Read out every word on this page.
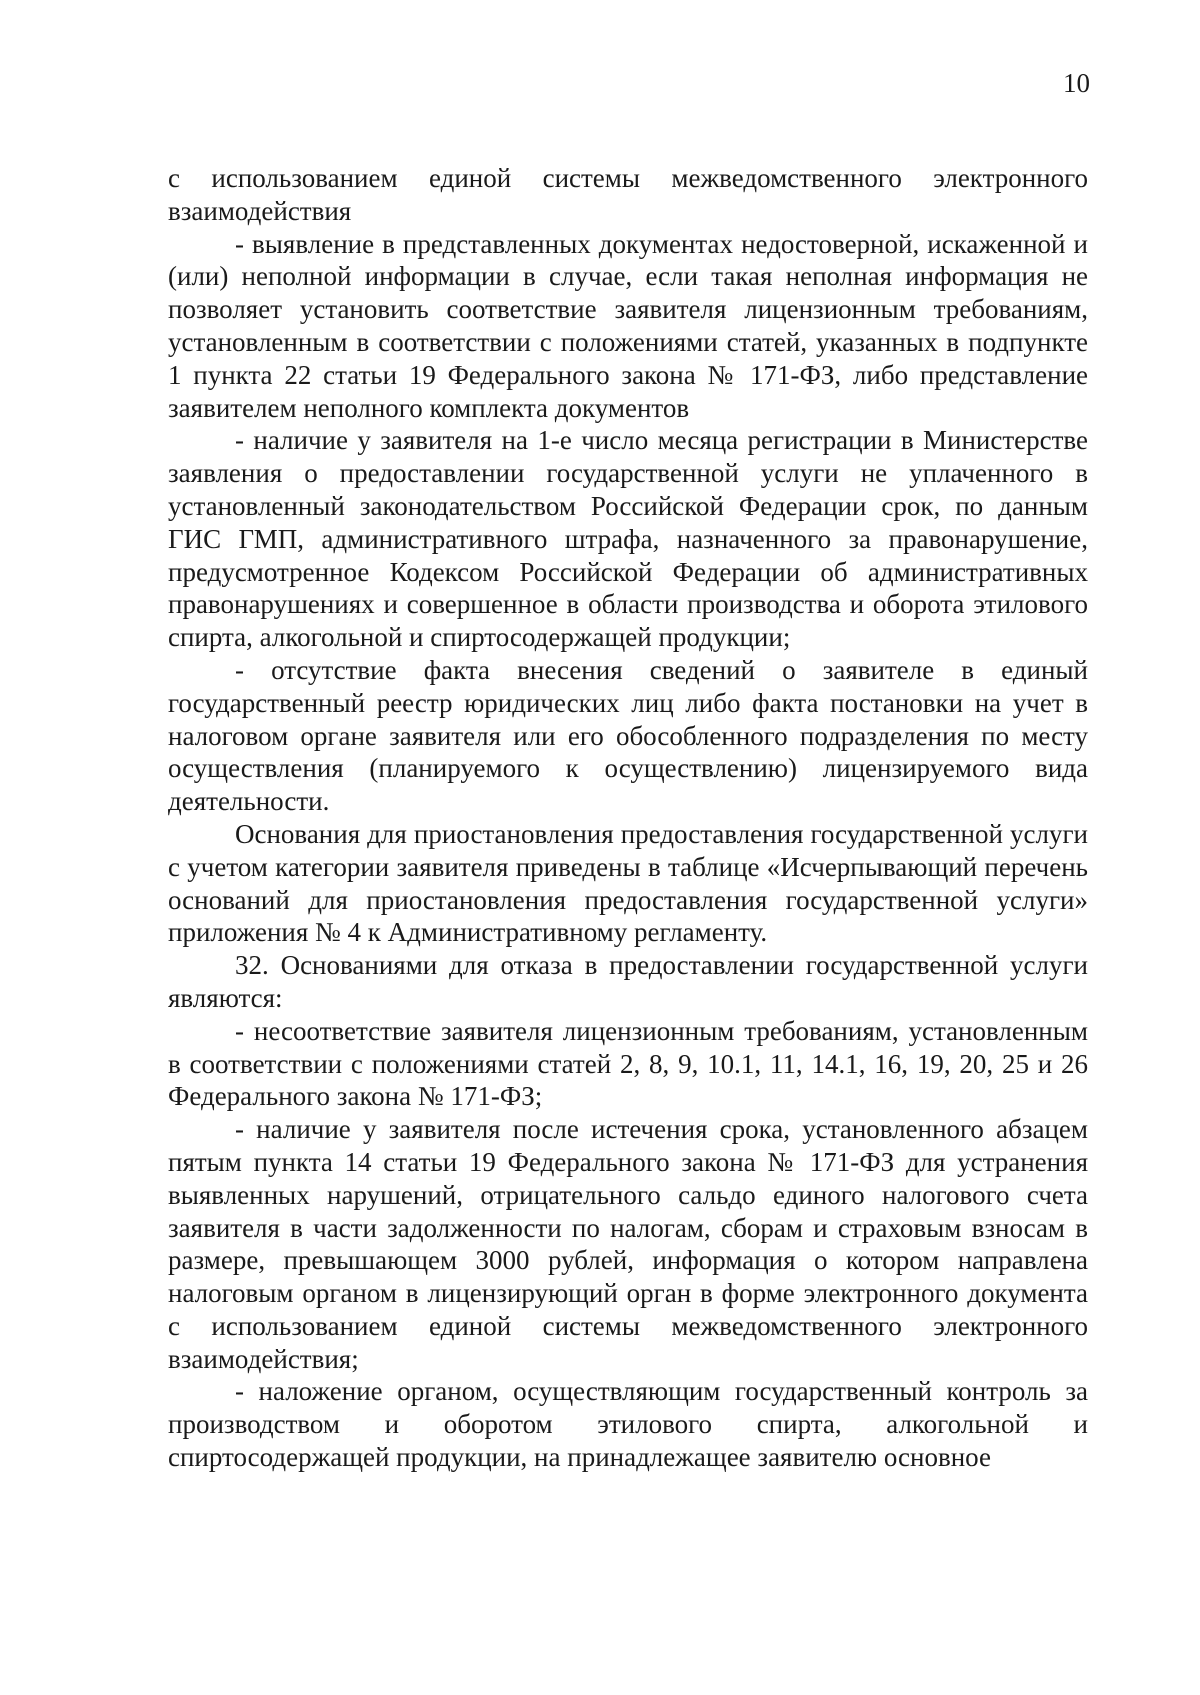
10

с использованием единой системы межведомственного электронного взаимодействия

- выявление в представленных документах недостоверной, искаженной и (или) неполной информации в случае, если такая неполная информация не позволяет установить соответствие заявителя лицензионным требованиям, установленным в соответствии с положениями статей, указанных в подпункте 1 пункта 22 статьи 19 Федерального закона № 171-ФЗ, либо представление заявителем неполного комплекта документов

- наличие у заявителя на 1-е число месяца регистрации в Министерстве заявления о предоставлении государственной услуги не уплаченного в установленный законодательством Российской Федерации срок, по данным ГИС ГМП, административного штрафа, назначенного за правонарушение, предусмотренное Кодексом Российской Федерации об административных правонарушениях и совершенное в области производства и оборота этилового спирта, алкогольной и спиртосодержащей продукции;

- отсутствие факта внесения сведений о заявителе в единый государственный реестр юридических лиц либо факта постановки на учет в налоговом органе заявителя или его обособленного подразделения по месту осуществления (планируемого к осуществлению) лицензируемого вида деятельности.

Основания для приостановления предоставления государственной услуги с учетом категории заявителя приведены в таблице «Исчерпывающий перечень оснований для приостановления предоставления государственной услуги» приложения № 4 к Административному регламенту.

32. Основаниями для отказа в предоставлении государственной услуги являются:

- несоответствие заявителя лицензионным требованиям, установленным в соответствии с положениями статей 2, 8, 9, 10.1, 11, 14.1, 16, 19, 20, 25 и 26 Федерального закона № 171-ФЗ;

- наличие у заявителя после истечения срока, установленного абзацем пятым пункта 14 статьи 19 Федерального закона № 171-ФЗ для устранения выявленных нарушений, отрицательного сальдо единого налогового счета заявителя в части задолженности по налогам, сборам и страховым взносам в размере, превышающем 3000 рублей, информация о котором направлена налоговым органом в лицензирующий орган в форме электронного документа с использованием единой системы межведомственного электронного взаимодействия;

- наложение органом, осуществляющим государственный контроль за производством и оборотом этилового спирта, алкогольной и спиртосодержащей продукции, на принадлежащее заявителю основное
